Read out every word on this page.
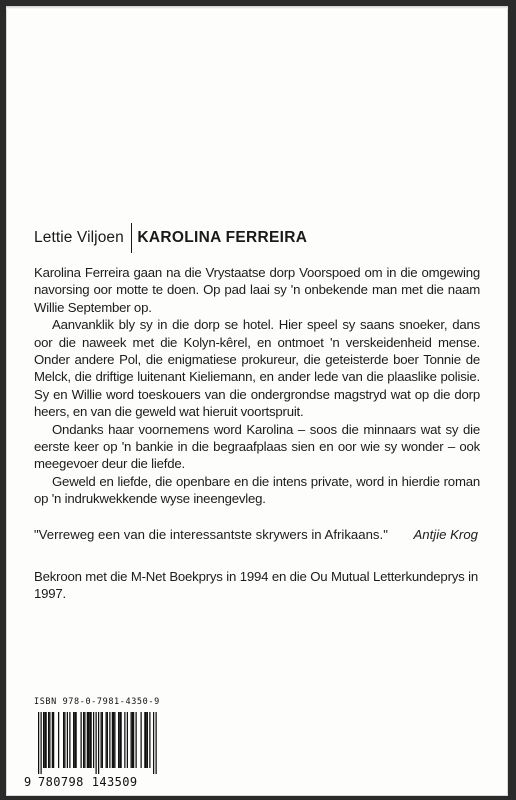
Lettie Viljoen KAROLINA FERREIRA

Karolina Ferreira gaan na die Vrystaatse dorp Voorspoed om in die omgewing navorsing oor motte te doen. Op pad laai sy 'n onbekende man met die naam Willie September op.

Aanvanklik bly sy in die dorp se hotel. Hier speel sy saans snoeker, dans oor die naweek met die Kolyn-kêrel, en ontmoet 'n verskeidenheid mense. Onder andere Pol, die enigmatiese prokureur, die geteisterde boer Tonnie de Melck, die driftige luitenant Kieliemann, en ander lede van die plaaslike polisie. Sy en Willie word toeskouers van die ondergrondse magstryd wat op die dorp heers, en van die geweld wat hieruit voortspruit.

Ondanks haar voornemens word Karolina – soos die minnaars wat sy die eerste keer op 'n bankie in die begraafplaas sien en oor wie sy wonder – ook meegevoer deur die liefde.

Geweld en liefde, die openbare en die intens private, word in hierdie roman op 'n indrukwekkende wyse ineengevleg.

"Verreweg een van die interessantste skrywers in Afrikaans." Antjie Krog

Bekroon met die M-Net Boekprys in 1994 en die Ou Mutual Letterkundeprys in 1997.

ISBN 978-0-7981-4350-9
9 780798 143509
